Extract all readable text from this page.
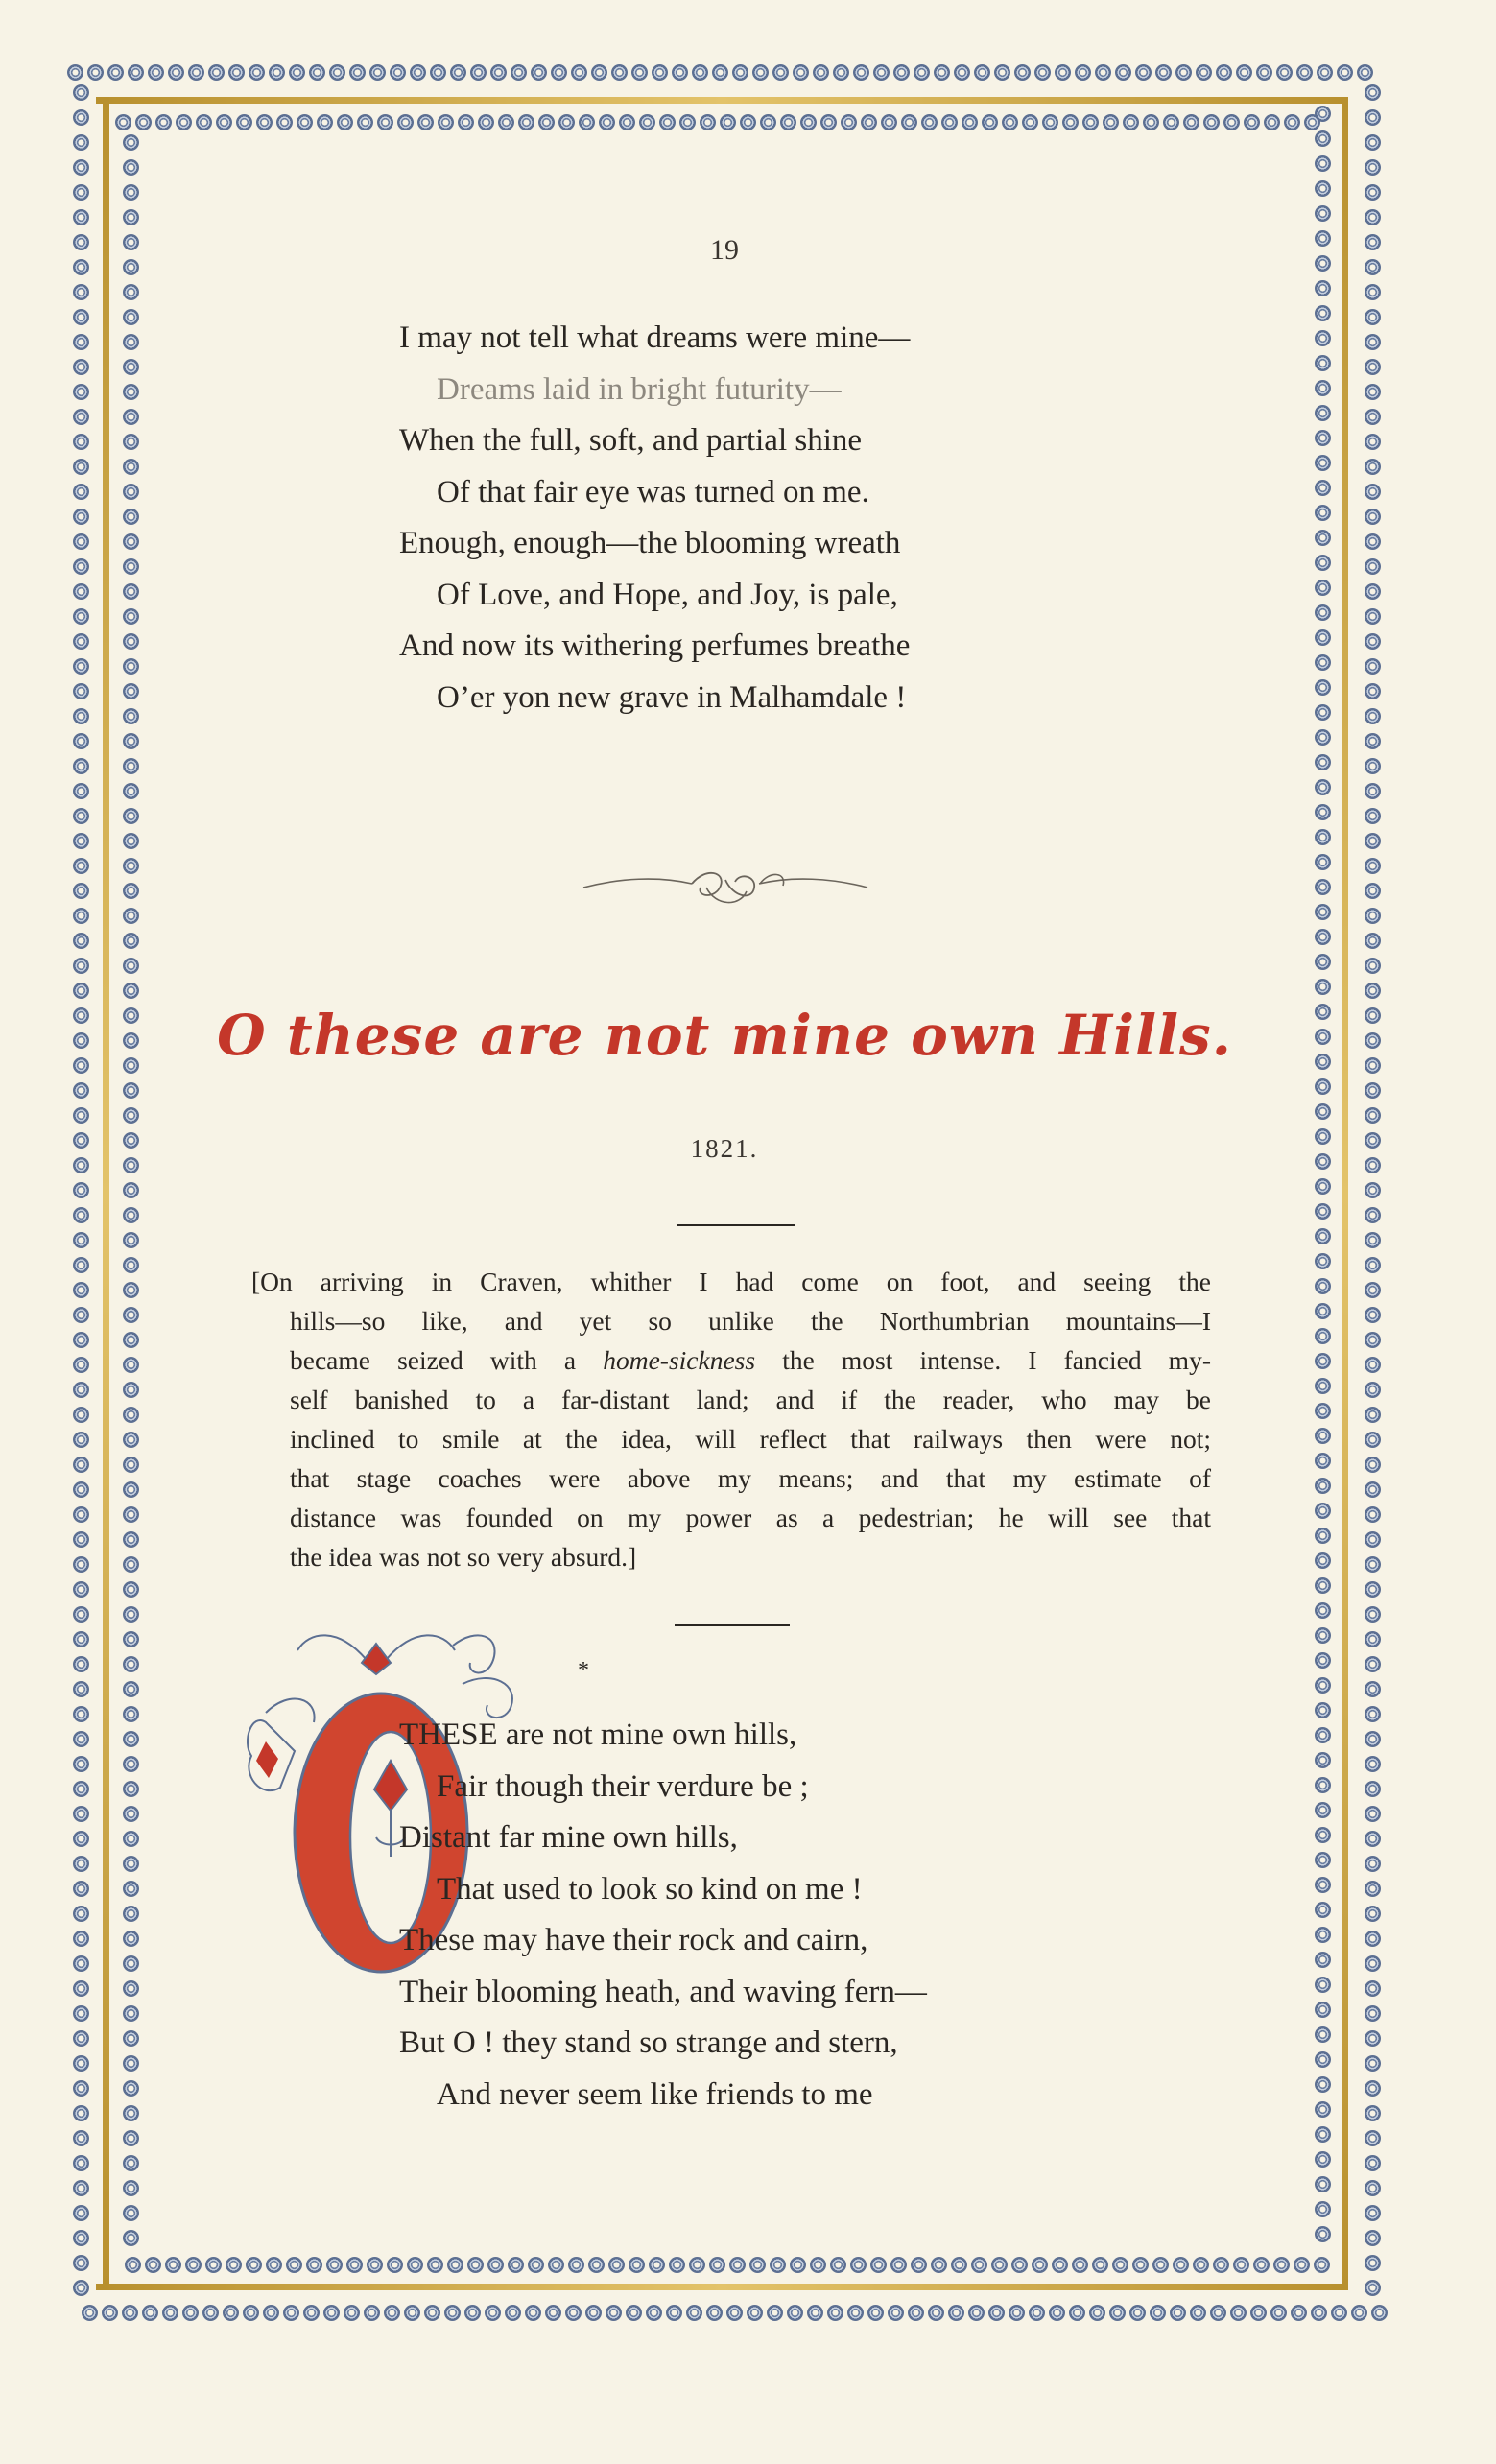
19
I may not tell what dreams were mine—
Dreams laid in bright futurity—
When the full, soft, and partial shine
Of that fair eye was turned on me.
Enough, enough—the blooming wreath
Of Love, and Hope, and Joy, is pale,
And now its withering perfumes breathe
O’er yon new grave in Malhamdale !
O these are not mine own Hills.
1821.
[On arriving in Craven, whither I had come on foot, and seeing the
hills—so like, and yet so unlike the Northumbrian mountains—I
became seized with a home-sickness the most intense. I fancied my-
self banished to a far-distant land; and if the reader, who may be
inclined to smile at the idea, will reflect that railways then were not;
that stage coaches were above my means; and that my estimate of
distance was founded on my power as a pedestrian; he will see that
the idea was not so very absurd.]
O
*
THESE are not mine own hills,
Fair though their verdure be ;
Distant far mine own hills,
That used to look so kind on me !
These may have their rock and cairn,
Their blooming heath, and waving fern—
But O ! they stand so strange and stern,
And never seem like friends to me
